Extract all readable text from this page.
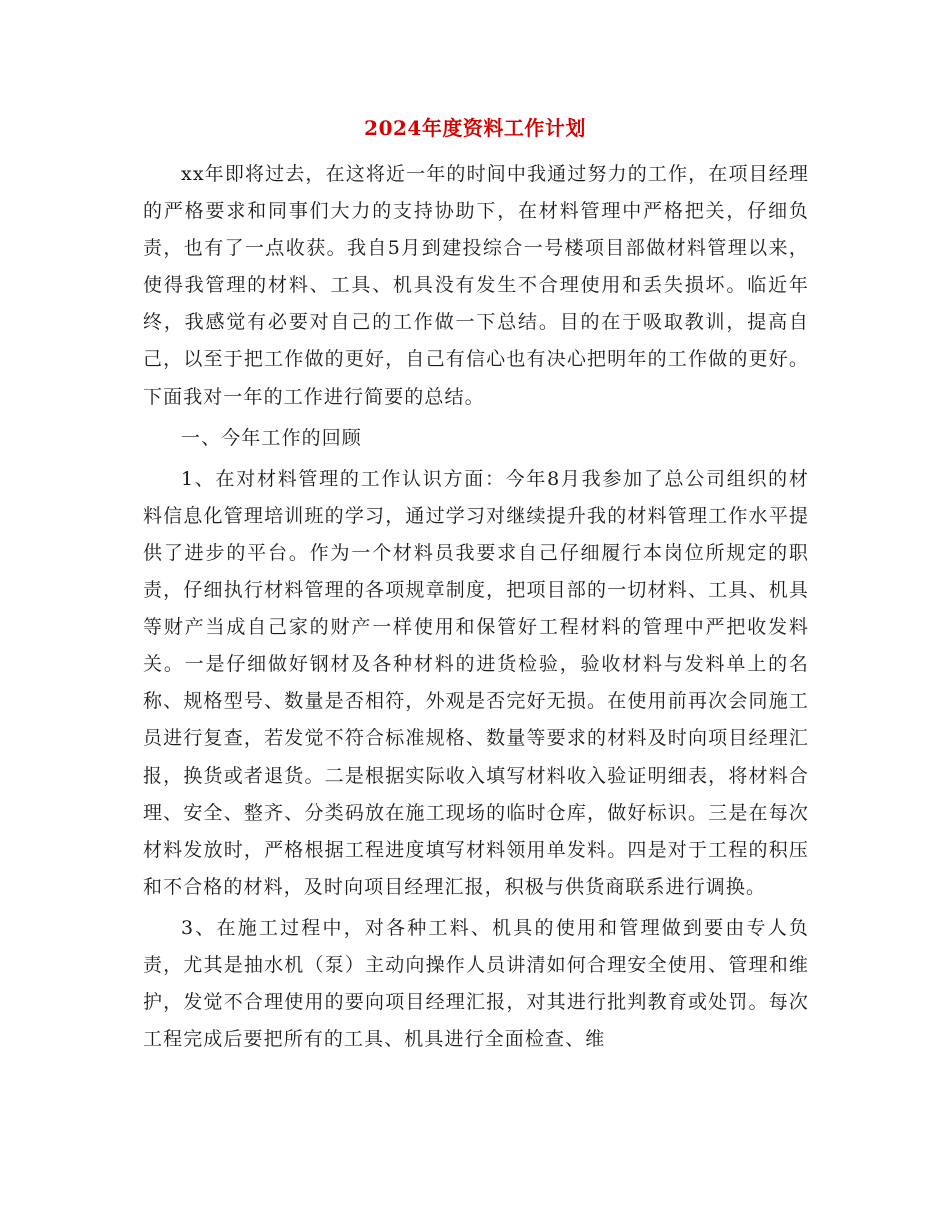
2024年度资料工作计划

xx年即将过去，在这将近一年的时间中我通过努力的工作，在项目经理的严格要求和同事们大力的支持协助下，在材料管理中严格把关，仔细负责，也有了一点收获。我自5月到建投综合一号楼项目部做材料管理以来，使得我管理的材料、工具、机具没有发生不合理使用和丢失损坏。临近年终，我感觉有必要对自己的工作做一下总结。目的在于吸取教训，提高自己，以至于把工作做的更好，自己有信心也有决心把明年的工作做的更好。下面我对一年的工作进行简要的总结。

一、今年工作的回顾

1、在对材料管理的工作认识方面：今年8月我参加了总公司组织的材料信息化管理培训班的学习，通过学习对继续提升我的材料管理工作水平提供了进步的平台。作为一个材料员我要求自己仔细履行本岗位所规定的职责，仔细执行材料管理的各项规章制度，把项目部的一切材料、工具、机具等财产当成自己家的财产一样使用和保管好工程材料的管理中严把收发料关。一是仔细做好钢材及各种材料的进货检验，验收材料与发料单上的名称、规格型号、数量是否相符，外观是否完好无损。在使用前再次会同施工员进行复查，若发觉不符合标准规格、数量等要求的材料及时向项目经理汇报，换货或者退货。二是根据实际收入填写材料收入验证明细表，将材料合理、安全、整齐、分类码放在施工现场的临时仓库，做好标识。三是在每次材料发放时，严格根据工程进度填写材料领用单发料。四是对于工程的积压和不合格的材料，及时向项目经理汇报，积极与供货商联系进行调换。

3、在施工过程中，对各种工料、机具的使用和管理做到要由专人负责，尤其是抽水机（泵）主动向操作人员讲清如何合理安全使用、管理和维护，发觉不合理使用的要向项目经理汇报，对其进行批判教育或处罚。每次工程完成后要把所有的工具、机具进行全面检查、维
